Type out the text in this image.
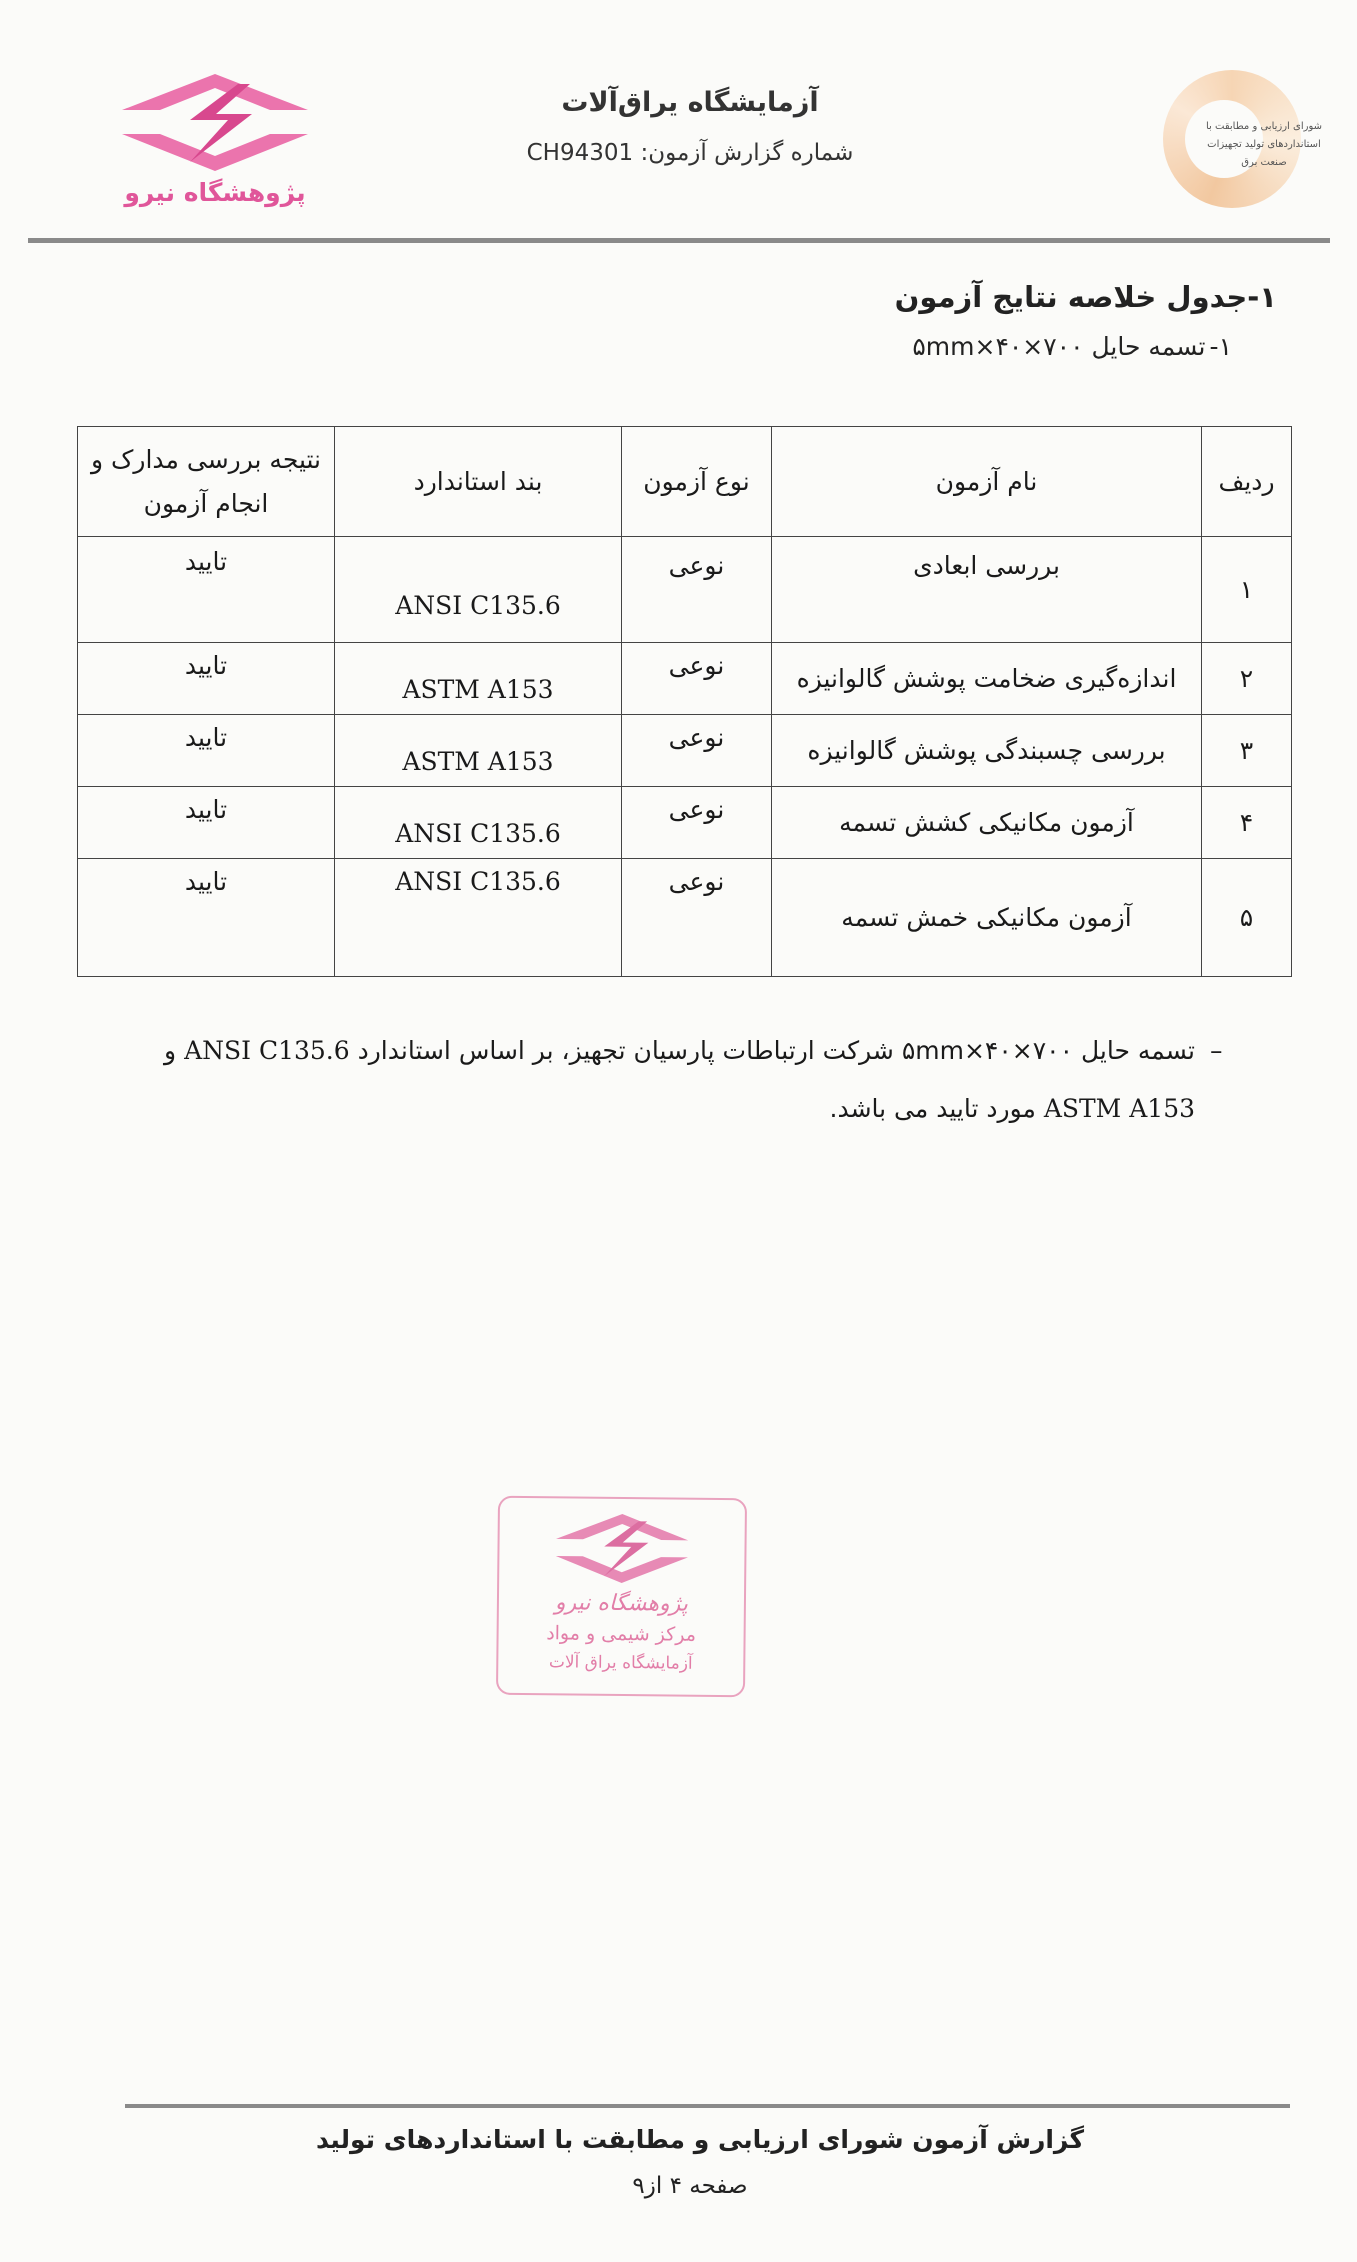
پژوهشگاه نیرو
آزمایشگاه یراق‌آلات
شماره گزارش آزمون: CH94301
شورای ارزیابی و مطابقت با
استانداردهای تولید تجهیزات
صنعت برق
۱-جدول خلاصه نتایج آزمون
۱-تسمه حایل ۷۰۰×۴۰×۵mm
ردیف	نام آزمون	نوع آزمون	بند استاندارد	نتیجه بررسی مدارک و انجام آزمون
۱	بررسی ابعادی	نوعی	ANSI C135.6	تایید
۲	اندازه‌گیری ضخامت پوشش گالوانیزه	نوعی	ASTM A153	تایید
۳	بررسی چسبندگی پوشش گالوانیزه	نوعی	ASTM A153	تایید
۴	آزمون مکانیکی کشش تسمه	نوعی	ANSI C135.6	تایید
۵	آزمون مکانیکی خمش تسمه	نوعی	ANSI C135.6	تایید
–
تسمه حایل ۷۰۰×۴۰×۵mm شرکت ارتباطات پارسیان تجهیز، بر اساس استاندارد ANSI C135.6 و ASTM A153 مورد تایید می باشد.
پژوهشگاه نیرو
مرکز شیمی و مواد
آزمایشگاه یراق آلات
گزارش آزمون شورای ارزیابی و مطابقت با استانداردهای تولید
صفحه ۴ از۹
